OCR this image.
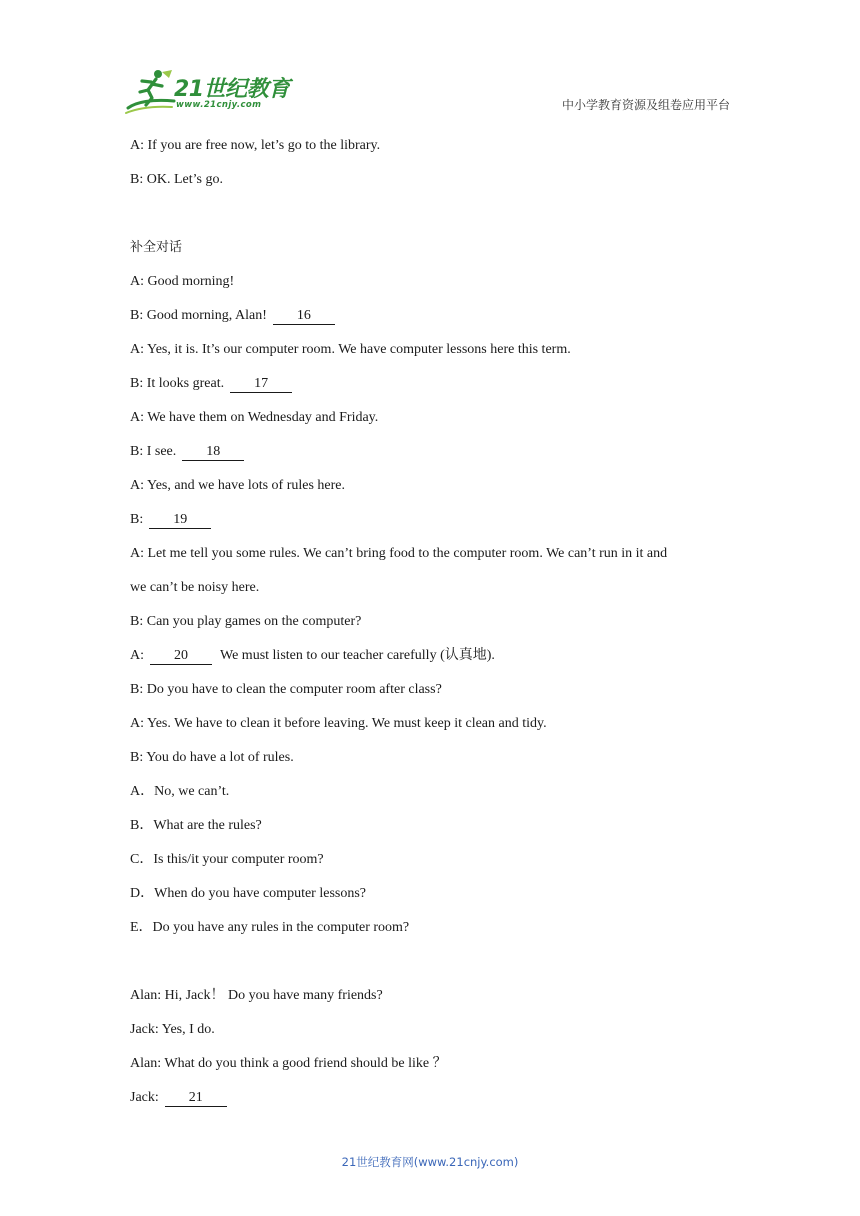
21世纪教育
www.21cnjy.com	中小学教育资源及组卷应用平台
A: If you are free now, let’s go to the library.
B: OK. Let’s go.
补全对话
A: Good morning!
B: Good morning, Alan! 16
A: Yes, it is. It’s our computer room. We have computer lessons here this term.
B: It looks great. 17
A: We have them on Wednesday and Friday.
B: I see. 18
A: Yes, and we have lots of rules here.
B: 19
A: Let me tell you some rules. We can’t bring food to the computer room. We can’t run in it and
we can’t be noisy here.
B: Can you play games on the computer?
A: 20 We must listen to our teacher carefully (认真地).
B: Do you have to clean the computer room after class?
A: Yes. We have to clean it before leaving. We must keep it clean and tidy.
B: You do have a lot of rules.
A．No, we can’t.
B．What are the rules?
C．Is this/it your computer room?
D．When do you have computer lessons?
E．Do you have any rules in the computer room?
Alan: Hi, Jack！ Do you have many friends?
Jack: Yes, I do.
Alan: What do you think a good friend should be like ？
Jack: 21
21世纪教育网(www.21cnjy.com)
